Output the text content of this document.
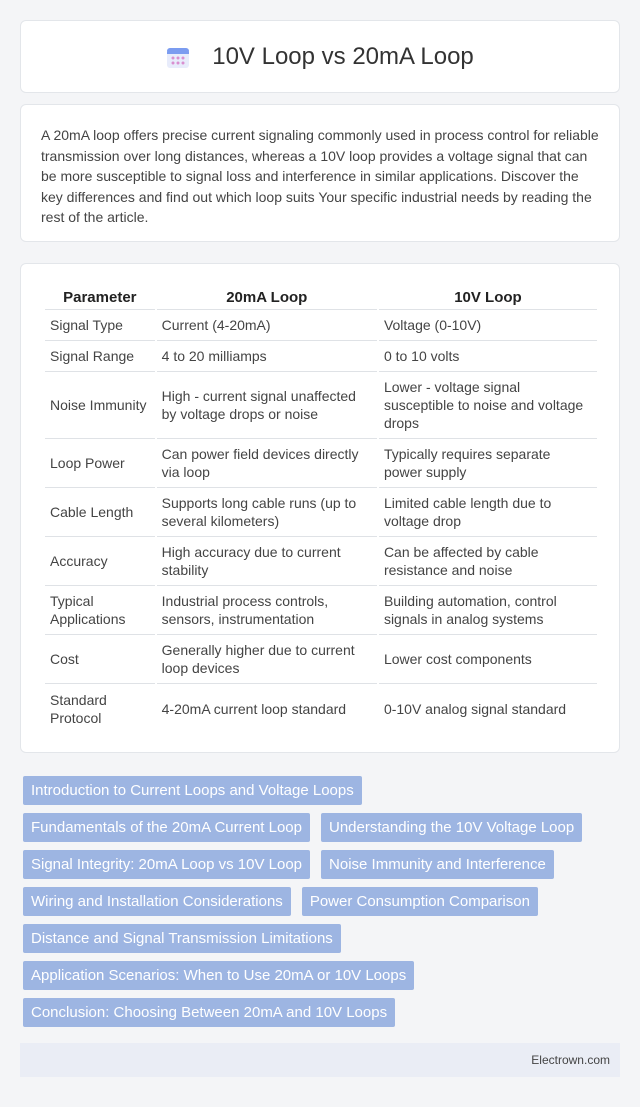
10V Loop vs 20mA Loop

A 20mA loop offers precise current signaling commonly used in process control for reliable transmission over long distances, whereas a 10V loop provides a voltage signal that can be more susceptible to signal loss and interference in similar applications. Discover the key differences and find out which loop suits Your specific industrial needs by reading the rest of the article.

Parameter	20mA Loop	10V Loop
Signal Type	Current (4-20mA)	Voltage (0-10V)
Signal Range	4 to 20 milliamps	0 to 10 volts
Noise Immunity	High - current signal unaffected by voltage drops or noise	Lower - voltage signal susceptible to noise and voltage drops
Loop Power	Can power field devices directly via loop	Typically requires separate power supply
Cable Length	Supports long cable runs (up to several kilometers)	Limited cable length due to voltage drop
Accuracy	High accuracy due to current stability	Can be affected by cable resistance and noise
Typical Applications	Industrial process controls, sensors, instrumentation	Building automation, control signals in analog systems
Cost	Generally higher due to current loop devices	Lower cost components
Standard Protocol	4-20mA current loop standard	0-10V analog signal standard
Introduction to Current Loops and Voltage Loops
Fundamentals of the 20mA Current Loop	Understanding the 10V Voltage Loop
Signal Integrity: 20mA Loop vs 10V Loop	Noise Immunity and Interference
Wiring and Installation Considerations	Power Consumption Comparison
Distance and Signal Transmission Limitations
Application Scenarios: When to Use 20mA or 10V Loops
Conclusion: Choosing Between 20mA and 10V Loops
Electrown.com
